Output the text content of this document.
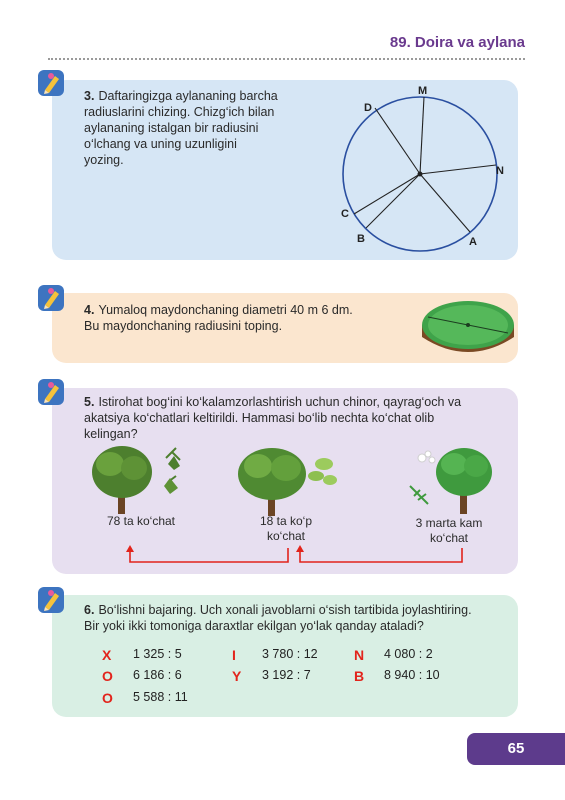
89. Doira va aylana
3. Daftaringizga aylananing barcha
radiuslarini chizing. Chizg‘ich bilan
aylananing istalgan bir radiusini
o‘lchang va uning uzunligini
yozing.
D
M
N
C
B	A
4. Yumaloq maydonchaning diametri 40 m 6 dm.
Bu maydonchaning radiusini toping.
5. Istirohat bog‘ini ko‘kalamzorlashtirish uchun chinor, qayrag‘och va
akatsiya ko‘chatlari keltirildi. Hammasi bo‘lib nechta ko‘chat olib
kelingan?
78 ta ko‘chat	18 ta ko‘p
ko‘chat
3 marta kam
ko‘chat
6. Bo‘lishni bajaring. Uch xonali javoblarni o‘sish tartibida joylashtiring.
Bir yoki ikki tomoniga daraxtlar ekilgan yo‘lak qanday ataladi?
X 1 325 : 5
O 6 186 : 6
O 5 588 : 11
I 3 780 : 12
Y 3 192 : 7
N 4 080 : 2
B 8 940 : 10
65
